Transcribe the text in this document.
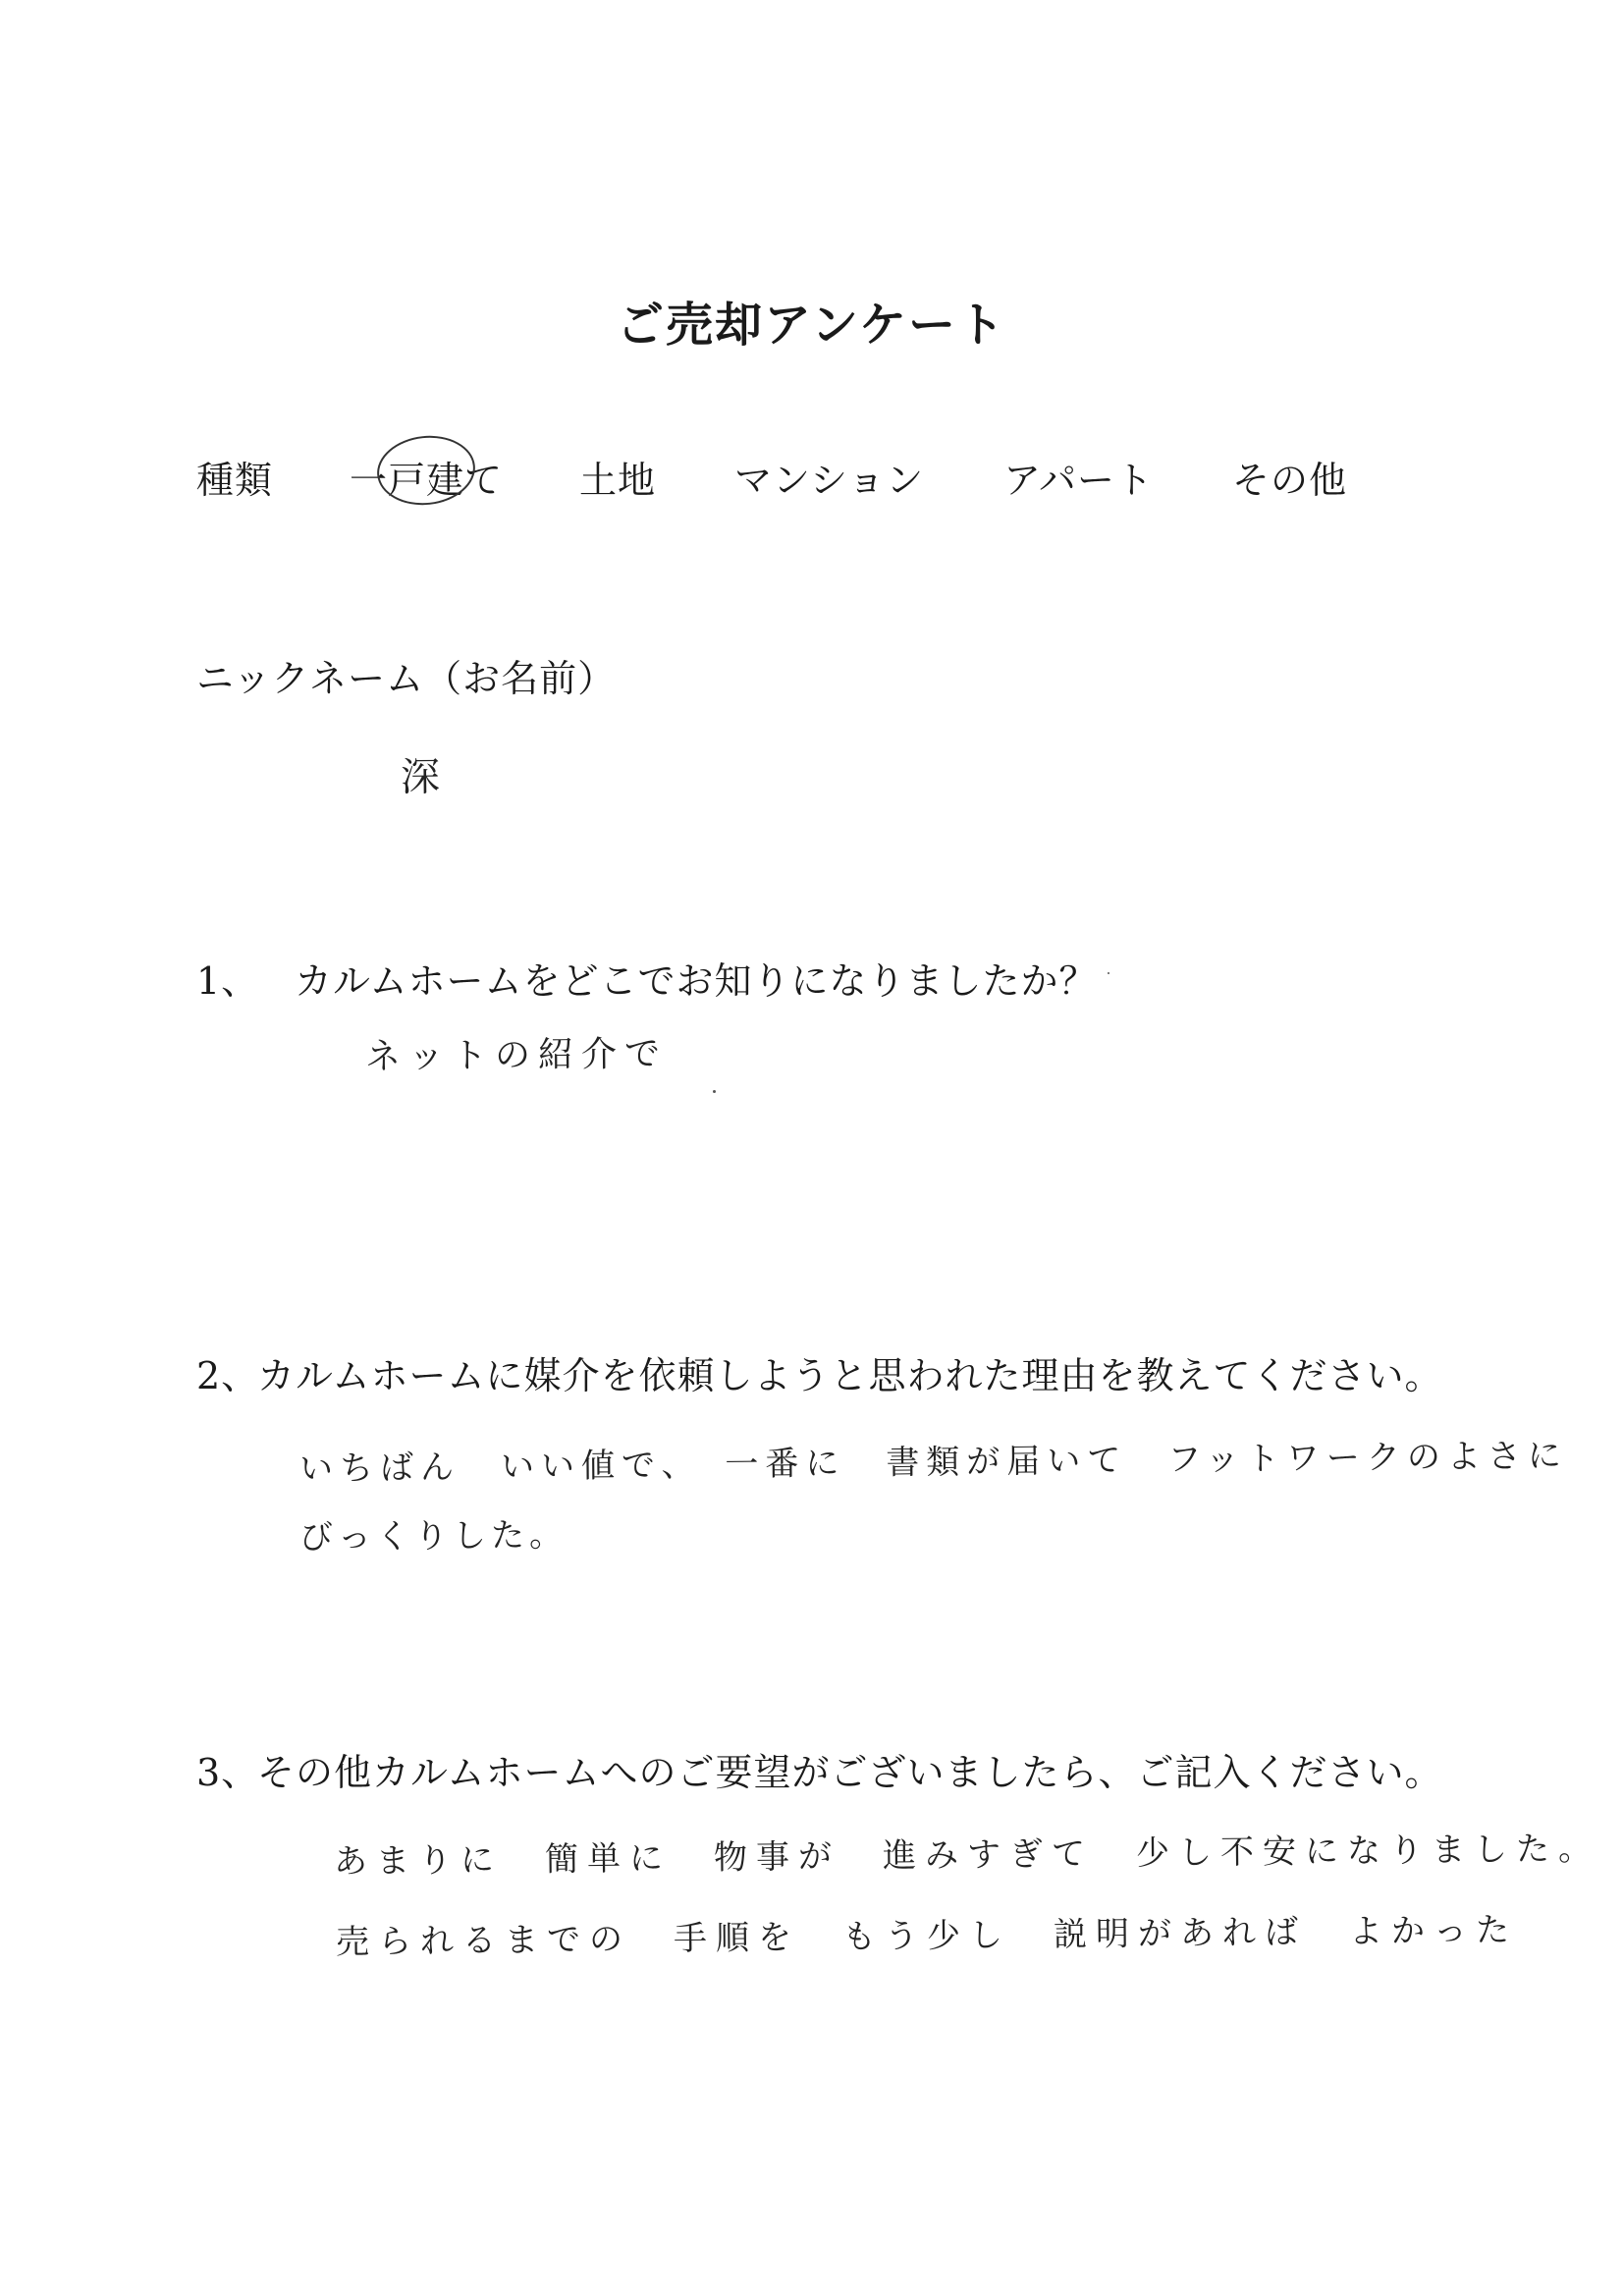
ご売却アンケート
種類 一戸建て 土地 マンション アパート その他
ニックネーム（お名前）
深
1、 カルムホームをどこでお知りになりましたか？
ネットの紹介で
2、
カルムホームに媒介を依頼しようと思われた理由を教えてください。
いちばん　いい値で、　一番に　書類が届いて　フットワークのよさに
びっくりした。
3、
その他カルムホームへのご要望がございましたら、ご記入ください。
あまりに　簡単に　物事が　進みすぎて　少し不安になりました。
売られるまでの　手順を　もう少し　説明があれば　よかった
